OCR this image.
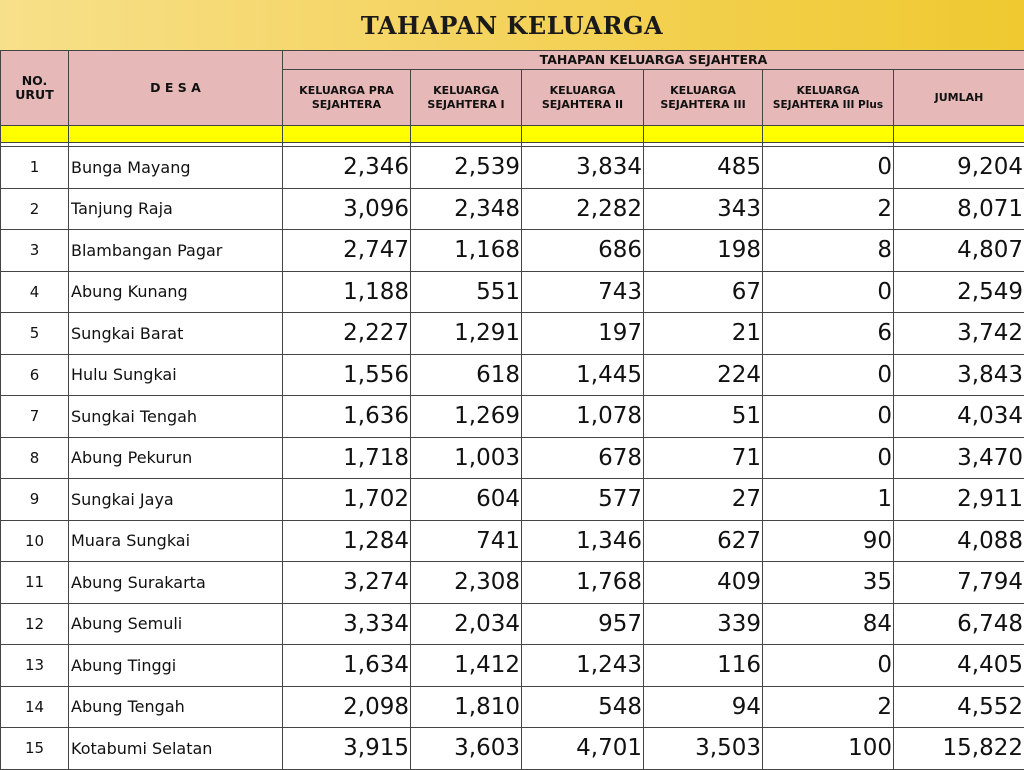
TAHAPAN KELUARGA
NO. URUT	D E S A	TAHAPAN KELUARGA SEJAHTERA					
		KELUARGA PRA SEJAHTERA	KELUARGA SEJAHTERA I	KELUARGA SEJAHTERA II	KELUARGA SEJAHTERA III	KELUARGA SEJAHTERA III Plus	JUMLAH

1	Bunga Mayang	2,346	2,539	3,834	485	0	9,204
2	Tanjung Raja	3,096	2,348	2,282	343	2	8,071
3	Blambangan Pagar	2,747	1,168	686	198	8	4,807
4	Abung Kunang	1,188	551	743	67	0	2,549
5	Sungkai Barat	2,227	1,291	197	21	6	3,742
6	Hulu Sungkai	1,556	618	1,445	224	0	3,843
7	Sungkai Tengah	1,636	1,269	1,078	51	0	4,034
8	Abung Pekurun	1,718	1,003	678	71	0	3,470
9	Sungkai Jaya	1,702	604	577	27	1	2,911
10	Muara Sungkai	1,284	741	1,346	627	90	4,088
11	Abung Surakarta	3,274	2,308	1,768	409	35	7,794
12	Abung Semuli	3,334	2,034	957	339	84	6,748
13	Abung Tinggi	1,634	1,412	1,243	116	0	4,405
14	Abung Tengah	2,098	1,810	548	94	2	4,552
15	Kotabumi Selatan	3,915	3,603	4,701	3,503	100	15,822
